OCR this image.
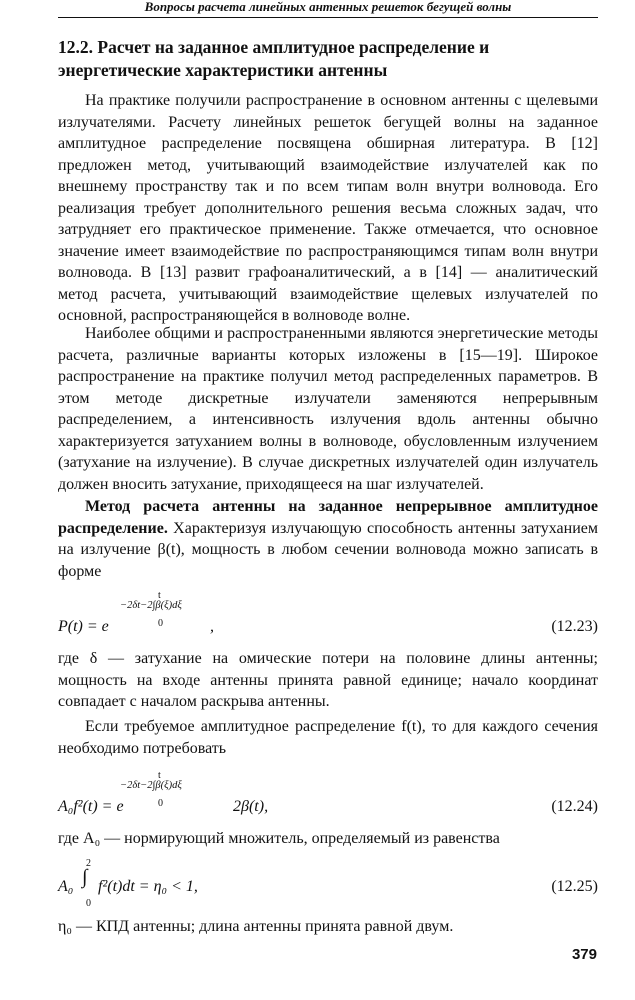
Вопросы расчета линейных антенных решеток бегущей волны
12.2. Расчет на заданное амплитудное распределение и энергетические характеристики антенны

На практике получили распространение в основном антенны с щелевыми излучателями. Расчету линейных решеток бегущей волны на заданное амплитудное распределение посвящена обширная литература. В [12] предложен метод, учитывающий взаимодействие излучателей как по внешнему пространству так и по всем типам волн внутри волновода. Его реализация требует дополнительного решения весьма сложных задач, что затрудняет его практическое применение. Также отмечается, что основное значение имеет взаимодействие по распространяющимся типам волн внутри волновода. В [13] развит графоаналитический, а в [14] — аналитический метод расчета, учитывающий взаимодействие щелевых излучателей по основной, распространяющейся в волноводе волне.

Наиболее общими и распространенными являются энергетические методы расчета, различные варианты которых изложены в [15—19]. Широкое распространение на практике получил метод распределенных параметров. В этом методе дискретные излучатели заменяются непрерывным распределением, а интенсивность излучения вдоль антенны обычно характеризуется затуханием волны в волноводе, обусловленным излучением (затухание на излучение). В случае дискретных излучателей один излучатель должен вносить затухание, приходящееся на шаг излучателей.

Метод расчета антенны на заданное непрерывное амплитудное распределение. Характеризуя излучающую способность антенны затуханием на излучение β(t), мощность в любом сечении волновода можно записать в форме

P(t) = e
−2δt−2∫β(ξ)dξ
t
0	,	(12.23)

где δ — затухание на омические потери на половине длины антенны; мощность на входе антенны принята равной единице; начало координат совпадает с началом раскрыва антенны.

Если требуемое амплитудное распределение f(t), то для каждого сечения необходимо потребовать

A₀f²(t) = e
−2δt−2∫β(ξ)dξ
t
0	2β(t),	(12.24)

где A₀ — нормирующий множитель, определяемый из равенства

A₀
2
∫
0
f²(t)dt = η₀ < 1,	(12.25)

η₀ — КПД антенны; длина антенны принята равной двум.

379
